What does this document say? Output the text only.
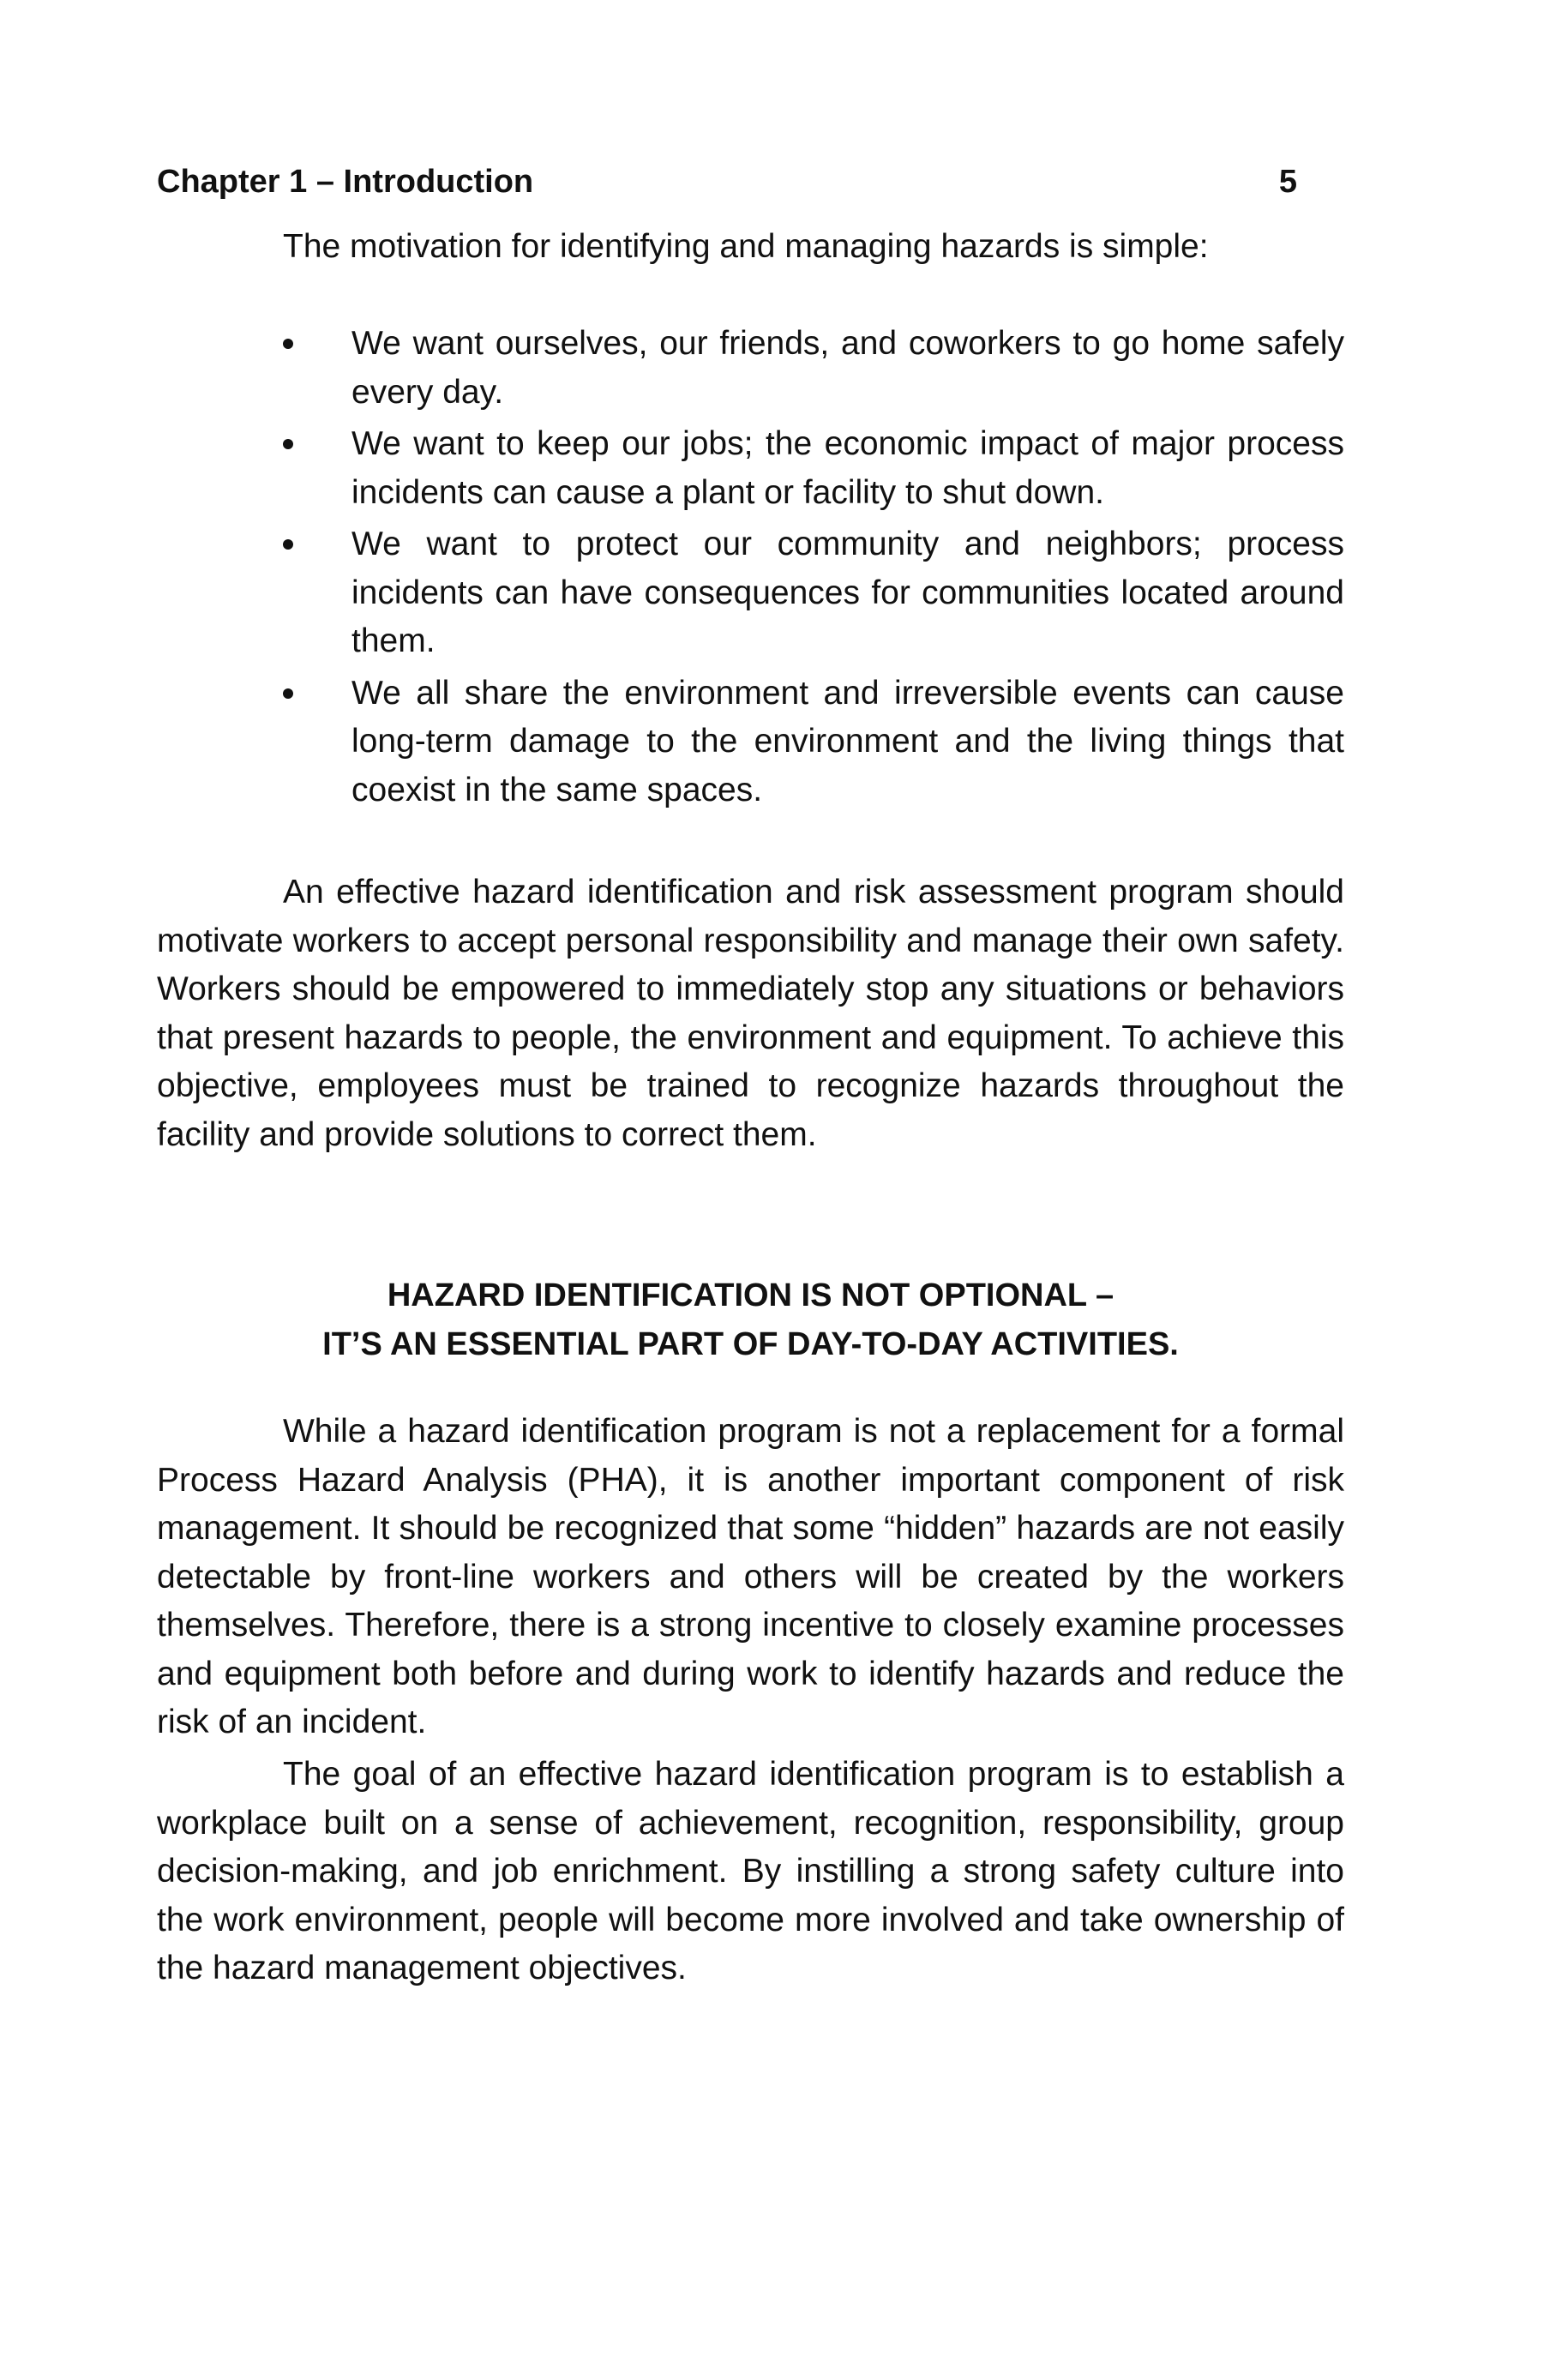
Chapter 1 – Introduction	5

The motivation for identifying and managing hazards is simple:

We want ourselves, our friends, and coworkers to go home safely every day.
We want to keep our jobs; the economic impact of major process incidents can cause a plant or facility to shut down.
We want to protect our community and neighbors; process incidents can have consequences for communities located around them.
We all share the environment and irreversible events can cause long-term damage to the environment and the living things that coexist in the same spaces.

An effective hazard identification and risk assessment program should motivate workers to accept personal responsibility and manage their own safety. Workers should be empowered to immediately stop any situations or behaviors that present hazards to people, the environment and equipment. To achieve this objective, employees must be trained to recognize hazards throughout the facility and provide solutions to correct them.

HAZARD IDENTIFICATION IS NOT OPTIONAL –
IT’S AN ESSENTIAL PART OF DAY-TO-DAY ACTIVITIES.

While a hazard identification program is not a replacement for a formal Process Hazard Analysis (PHA), it is another important component of risk management. It should be recognized that some “hidden” hazards are not easily detectable by front-line workers and others will be created by the workers themselves. Therefore, there is a strong incentive to closely examine processes and equipment both before and during work to identify hazards and reduce the risk of an incident.

The goal of an effective hazard identification program is to establish a workplace built on a sense of achievement, recognition, responsibility, group decision-making, and job enrichment. By instilling a strong safety culture into the work environment, people will become more involved and take ownership of the hazard management objectives.
